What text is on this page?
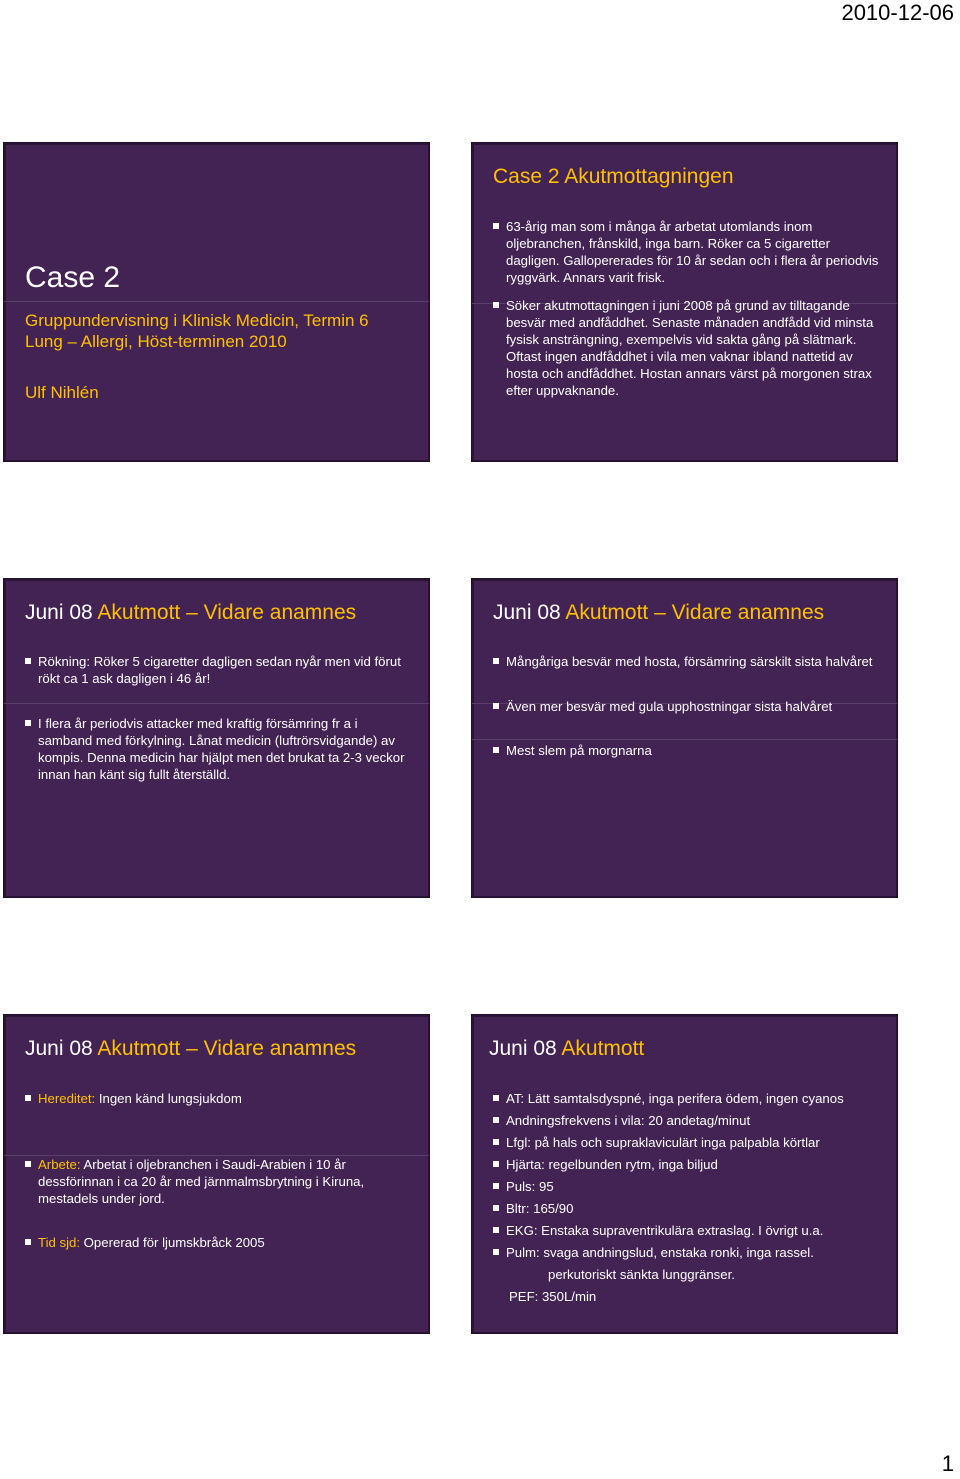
2010-12-06
Case 2
Gruppundervisning i Klinisk Medicin, Termin 6
Lung – Allergi, Höst-terminen 2010
Ulf Nihlén
Case 2 Akutmottagningen
63-årig man som i många år arbetat utomlands inom oljebranchen, frånskild, inga barn. Röker ca 5 cigaretter dagligen. Gallopererades för 10 år sedan och i flera år periodvis ryggvärk. Annars varit frisk.
Söker akutmottagningen i juni 2008 på grund av tilltagande besvär med andfåddhet. Senaste månaden andfådd vid minsta fysisk ansträngning, exempelvis vid sakta gång på slätmark. Oftast ingen andfåddhet i vila men vaknar ibland nattetid av hosta och andfåddhet. Hostan annars värst på morgonen strax efter uppvaknande.
Juni 08 Akutmott – Vidare anamnes
Rökning: Röker 5 cigaretter dagligen sedan nyår men vid förut rökt ca 1 ask dagligen i 46 år!
I flera år periodvis attacker med kraftig försämring fr a i samband med förkylning. Lånat medicin (luftrörsvidgande) av kompis. Denna medicin har hjälpt men det brukat ta 2-3 veckor innan han känt sig fullt återställd.
Juni 08 Akutmott – Vidare anamnes
Mångåriga besvär med hosta, försämring särskilt sista halvåret
Även mer besvär med gula upphostningar sista halvåret
Mest slem på morgnarna
Juni 08 Akutmott – Vidare anamnes
Hereditet: Ingen känd lungsjukdom
Arbete: Arbetat i oljebranchen i Saudi-Arabien i 10 år dessförinnan i ca 20 år med järnmalmsbrytning i Kiruna, mestadels under jord.
Tid sjd: Opererad för ljumskbråck 2005
Juni 08 Akutmott
AT: Lätt samtalsdyspné, inga perifera ödem, ingen cyanos
Andningsfrekvens i vila: 20 andetag/minut
Lfgl: på hals och supraklaviculärt inga palpabla körtlar
Hjärta: regelbunden rytm, inga biljud
Puls: 95
Bltr: 165/90
EKG: Enstaka supraventrikulära extraslag. I övrigt u.a.
Pulm: svaga andningslud, enstaka ronki, inga rassel.
perkutoriskt sänkta lunggränser.
PEF: 350L/min
1
